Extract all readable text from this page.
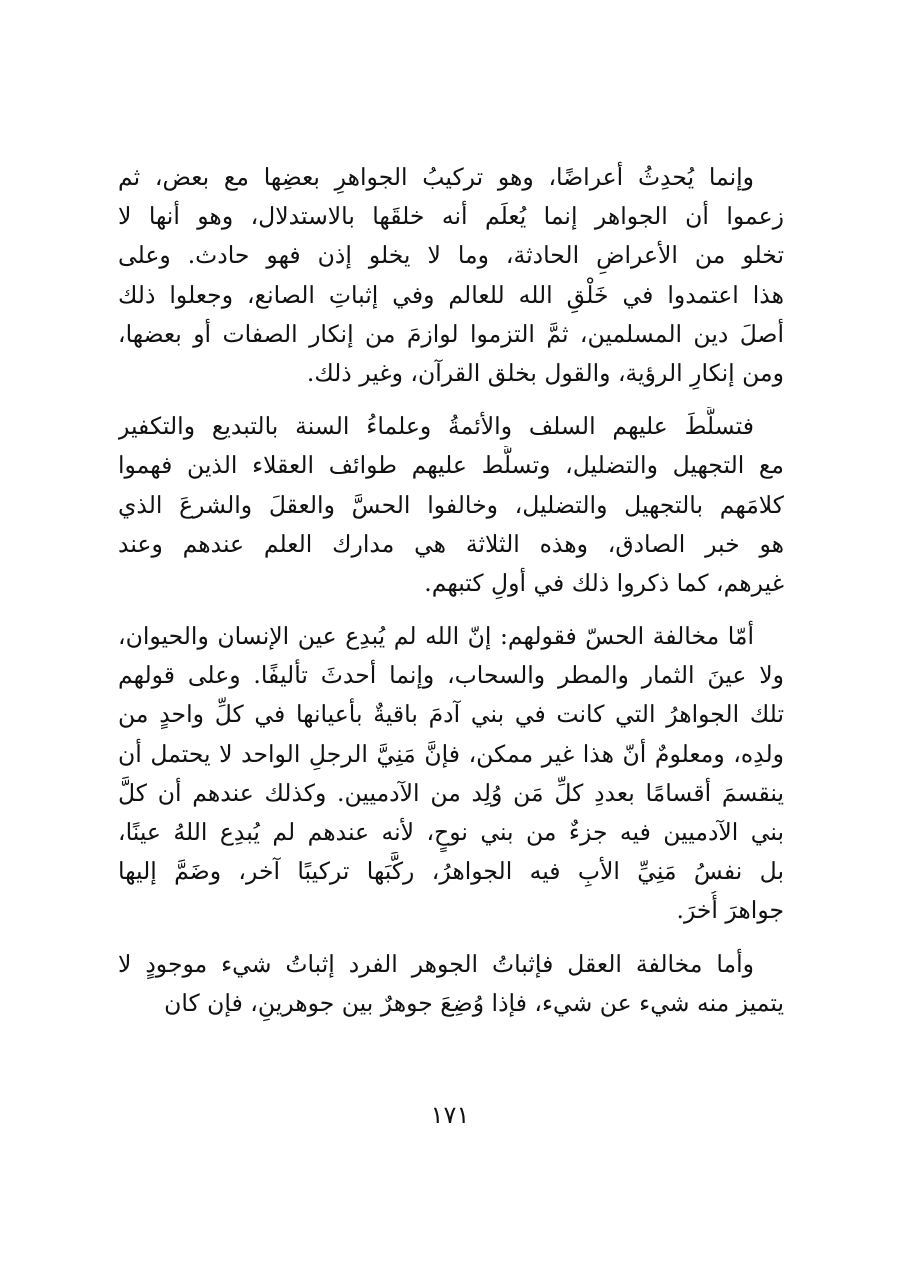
وإنما يُحدِثُ أعراضًا، وهو تركيبُ الجواهرِ بعضِها مع بعض، ثم
زعموا أن الجواهر إنما يُعلَم أنه خلقَها بالاستدلال، وهو أنها لا
تخلو من الأعراضِ الحادثة، وما لا يخلو إذن فهو حادث. وعلى
هذا اعتمدوا في خَلْقِ الله للعالم وفي إثباتِ الصانع، وجعلوا ذلك
أصلَ دين المسلمين، ثمَّ التزموا لوازمَ من إنكار الصفات أو بعضها،
ومن إنكارِ الرؤية، والقول بخلق القرآن، وغير ذلك.
فتسلَّطَ عليهم السلف والأئمةُ وعلماءُ السنة بالتبديع والتكفير
مع التجهيل والتضليل، وتسلَّط عليهم طوائف العقلاء الذين فهموا
كلامَهم بالتجهيل والتضليل، وخالفوا الحسَّ والعقلَ والشرعَ الذي
هو خبر الصادق، وهذه الثلاثة هي مدارك العلم عندهم وعند
غيرهم، كما ذكروا ذلك في أولِ كتبهم.
أمّا مخالفة الحسّ فقولهم: إنّ الله لم يُبدِع عين الإنسان والحيوان،
ولا عينَ الثمار والمطر والسحاب، وإنما أحدثَ تأليفًا. وعلى قولهم
تلك الجواهرُ التي كانت في بني آدمَ باقيةٌ بأعيانها في كلِّ واحدٍ من
ولدِه، ومعلومٌ أنّ هذا غير ممكن، فإنَّ مَنِيَّ الرجلِ الواحد لا يحتمل أن
ينقسمَ أقسامًا بعددِ كلِّ مَن وُلِد من الآدميين. وكذلك عندهم أن كلَّ
بني الآدميين فيه جزءٌ من بني نوحٍ، لأنه عندهم لم يُبدِع اللهُ عينًا،
بل نفسُ مَنِيِّ الأبِ فيه الجواهرُ، ركَّبَها تركيبًا آخر، وضَمَّ إليها
جواهرَ أُخرَ.
وأما مخالفة العقل فإثباتُ الجوهر الفرد إثباتُ شيء موجودٍ لا
يتميز منه شيء عن شيء، فإذا وُضِعَ جوهرٌ بين جوهرينِ، فإن كان
١٧١
